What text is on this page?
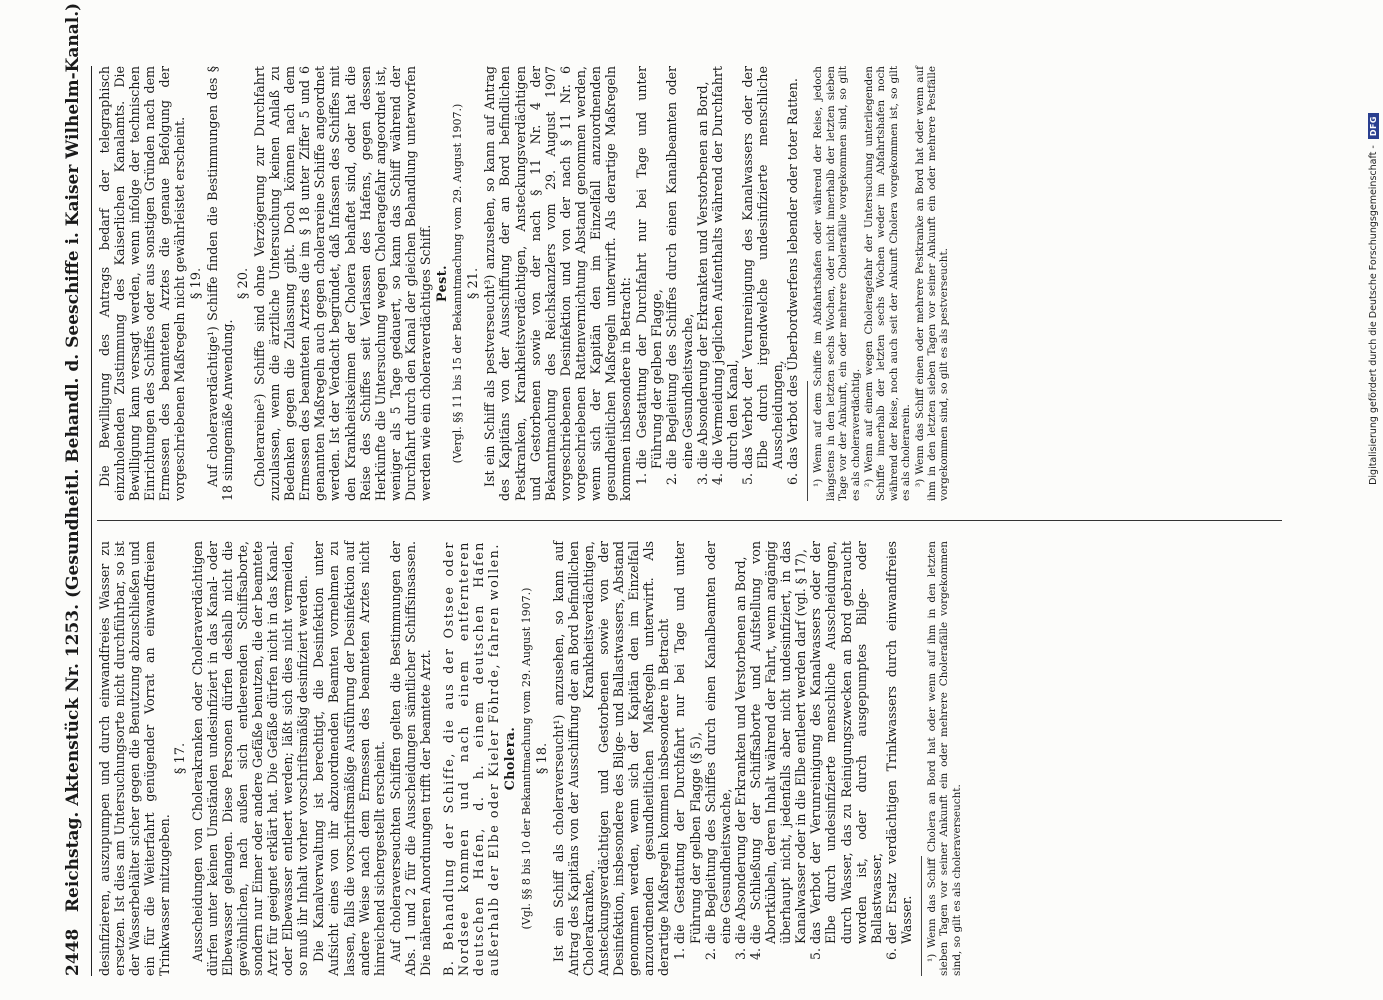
2448 Reichstag. Aktenstück Nr. 1253. (Gesundheitl. Behandl. d. Seeschiffe i. Kaiser Wilhelm-Kanal.)	desinfizieren, auszupumpen und durch einwandfreies Wasser zu ersetzen. Ist dies am Untersuchungsorte nicht durchführbar, so ist der Wasserbehälter sicher gegen die Benutzung abzuschließen und ein für die Weiterfahrt genügender Vorrat an einwandfreiem Trinkwasser mitzugeben.

§ 17. Ausscheidungen von Cholerakranken oder Choleraverdächtigen dürfen unter keinen Umständen undesinfiziert in das Kanal- oder Elbewasser gelangen. Diese Personen dürfen deshalb nicht die gewöhnlichen, nach außen sich entleerenden Schiffsaborte, sondern nur Eimer oder andere Gefäße benutzen, die der beamtete Arzt für geeignet erklärt hat. Die Gefäße dürfen nicht in das Kanal- oder Elbewasser entleert werden; läßt sich dies nicht vermeiden, so muß ihr Inhalt vorher vorschriftsmäßig desinfiziert werden. Die Kanalverwaltung ist berechtigt, die Desinfektion unter Aufsicht eines von ihr abzuordnenden Beamten vornehmen zu lassen, falls die vorschriftsmäßige Ausführung der Desinfektion auf andere Weise nach dem Ermessen des beamteten Arztes nicht hinreichend sichergestellt erscheint. Auf choleraverseuchten Schiffen gelten die Bestimmungen der Abs. 1 und 2 für die Ausscheidungen sämtlicher Schiffsinsassen. Die näheren Anordnungen trifft der beamtete Arzt. B. Behandlung der Schiffe, die aus der Ostsee oder Nordsee kommen und nach einem entfernteren deutschen Hafen, d. h. einem deutschen Hafen außerhalb der Elbe oder Kieler Föhrde, fahren wollen. Cholera. (Vgl. §§ 8 bis 10 der Bekanntmachung vom 29. August 1907.) § 18. Ist ein Schiff als choleraverseucht¹) anzusehen, so kann auf Antrag des Kapitäns von der Ausschiffung der an Bord befindlichen Cholerakranken, Krankheitsverdächtigen, Ansteckungsverdächtigen und Gestorbenen sowie von der Desinfektion, insbesondere des Bilge- und Ballastwassers, Abstand genommen werden, wenn sich der Kapitän den im Einzelfall anzuordnenden gesundheitlichen Maßregeln unterwirft. Als derartige Maßregeln kommen insbesondere in Betracht 1. die Gestattung der Durchfahrt nur bei Tage und unter Führung der gelben Flagge (§ 5), 2. die Begleitung des Schiffes durch einen Kanalbeamten oder eine Gesundheitswache, 3. die Absonderung der Erkrankten und Verstorbenen an Bord, 4. die Schließung der Schiffsaborte und Aufstellung von Abortkübeln, deren Inhalt während der Fahrt, wenn angängig überhaupt nicht, jedenfalls aber nicht undesinfiziert, in das Kanalwasser oder in die Elbe entleert werden darf (vgl. § 17), 5. das Verbot der Verunreinigung des Kanalwassers oder der Elbe durch undesinfizierte menschliche Ausscheidungen, durch Wasser, das zu Reinigungszwecken an Bord gebraucht worden ist, oder durch ausgepumptes Bilge- oder Ballastwasser, 6. der Ersatz verdächtigen Trinkwassers durch einwandfreies Wasser. ¹) Wenn das Schiff Cholera an Bord hat oder wenn auf ihm in den letzten sieben Tagen vor seiner Ankunft ein oder mehrere Cholerafälle vorgekommen sind, so gilt es als choleraverseucht.

Die Bewilligung des Antrags bedarf der telegraphisch einzuholenden Zustimmung des Kaiserlichen Kanalamts. Die Bewilligung kann versagt werden, wenn infolge der technischen Einrichtungen des Schiffes oder aus sonstigen Gründen nach dem Ermessen des beamteten Arztes die genaue Befolgung der vorgeschriebenen Maßregeln nicht gewährleistet erscheint. § 19. Auf choleraverdächtige¹) Schiffe finden die Bestimmungen des § 18 sinngemäße Anwendung.

§ 20. Cholerareine²) Schiffe sind ohne Verzögerung zur Durchfahrt zuzulassen, wenn die ärztliche Untersuchung keinen Anlaß zu Bedenken gegen die Zulassung gibt. Doch können nach dem Ermessen des beamteten Arztes die im § 18 unter Ziffer 5 und 6 genannten Maßregeln auch gegen cholerareine Schiffe angeordnet werden. Ist der Verdacht begründet, daß Infassen des Schiffes mit den Krankheitskeimen der Cholera behaftet sind, oder hat die Reise des Schiffes seit Verlassen des Hafens, gegen dessen Herkünfte die Untersuchung wegen Choleragefahr angeordnet ist, weniger als 5 Tage gedauert, so kann das Schiff während der Durchfahrt durch den Kanal der gleichen Behandlung unterworfen werden wie ein choleraverdächtiges Schiff. Pest. (Vergl. §§ 11 bis 15 der Bekanntmachung vom 29. August 1907.) § 21. Ist ein Schiff als pestverseucht³) anzusehen, so kann auf Antrag des Kapitäns von der Ausschiffung der an Bord befindlichen Pestkranken, Krankheitsverdächtigen, Ansteckungsverdächtigen und Gestorbenen sowie von der nach § 11 Nr. 4 der Bekanntmachung des Reichskanzlers vom 29. August 1907 vorgeschriebenen Desinfektion und von der nach § 11 Nr. 6 vorgeschriebenen Rattenvernichtung Abstand genommen werden, wenn sich der Kapitän den im Einzelfall anzuordnenden gesundheitlichen Maßregeln unterwirft. Als derartige Maßregeln kommen insbesondere in Betracht: 1. die Gestattung der Durchfahrt nur bei Tage und unter Führung der gelben Flagge, 2. die Begleitung des Schiffes durch einen Kanalbeamten oder eine Gesundheitswache, 3. die Absonderung der Erkrankten und Verstorbenen an Bord, 4. die Vermeidung jeglichen Aufenthalts während der Durchfahrt durch den Kanal, 5. das Verbot der Verunreinigung des Kanalwassers oder der Elbe durch irgendwelche undesinfizierte menschliche Ausscheidungen, 6. das Verbot des Überbordwerfens lebender oder toter Ratten. ¹) Wenn auf dem Schiffe im Abfahrtshafen oder während der Reise, jedoch längstens in den letzten sechs Wochen, oder nicht innerhalb der letzten sieben Tage vor der Ankunft, ein oder mehrere Cholerafälle vorgekommen sind, so gilt es als choleraverdächtig. ²) Wenn auf einem wegen Choleragefahr der Untersuchung unterliegenden Schiffe innerhalb der letzten sechs Wochen weder im Abfahrtshafen noch während der Reise, noch auch seit der Ankunft Cholera vorgekommen ist, so gilt es als cholerarein. ³) Wenn das Schiff einen oder mehrere Pestkranke an Bord hat oder wenn auf ihm in den letzten sieben Tagen vor seiner Ankunft ein oder mehrere Pestfälle vorgekommen sind, so gilt es als pestverseucht.	Digitalisierung gefördert durch die Deutsche Forschungsgemeinschaft -
DFG
